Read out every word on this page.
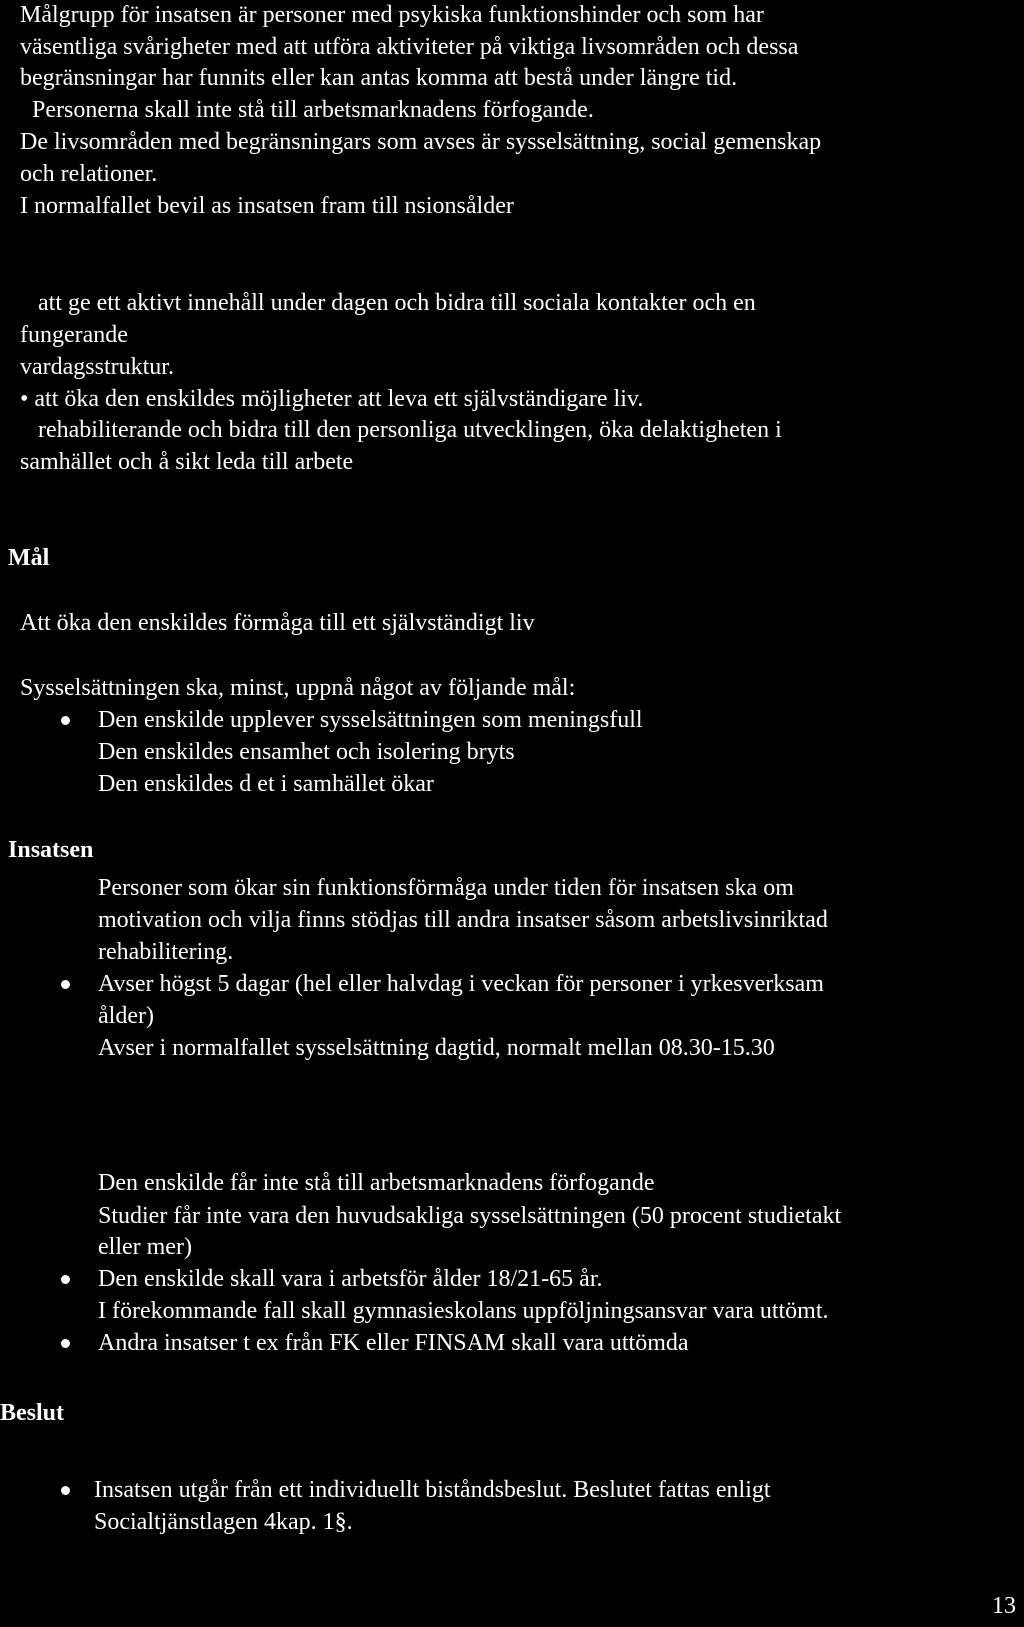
Målgrupp för insatsen är personer med psykiska funktionshinder och som har
väsentliga svårigheter med att utföra aktiviteter på viktiga livsområden och dessa
begränsningar har funnits eller kan antas komma att bestå under längre tid.
Personerna skall inte stå till arbetsmarknadens förfogande.
De livsområden med begränsningars som avses är sysselsättning, social gemenskap
och relationer.
I normalfallet bevil as insatsen fram till nsionsålder
att ge ett aktivt innehåll under dagen och bidra till sociala kontakter och en
fungerande
vardagsstruktur.
• att öka den enskildes möjligheter att leva ett självständigare liv.
rehabiliterande och bidra till den personliga utvecklingen, öka delaktigheten i
samhället och å sikt leda till arbete
Mål
Att öka den enskildes förmåga till ett självständigt liv
Sysselsättningen ska, minst, uppnå något av följande mål:
Den enskilde upplever sysselsättningen som meningsfull
Den enskildes ensamhet och isolering bryts
Den enskildes d et i samhället ökar
Insatsen
Personer som ökar sin funktionsförmåga under tiden för insatsen ska om
motivation och vilja finns stödjas till andra insatser såsom arbetslivsinriktad
rehabilitering.
Avser högst 5 dagar (hel eller halvdag i veckan för personer i yrkesverksam
ålder)
Avser i normalfallet sysselsättning dagtid, normalt mellan 08.30-15.30
Den enskilde får inte stå till arbetsmarknadens förfogande
Studier får inte vara den huvudsakliga sysselsättningen (50 procent studietakt
eller mer)
Den enskilde skall vara i arbetsför ålder 18/21-65 år.
I förekommande fall skall gymnasieskolans uppföljningsansvar vara uttömt.
Andra insatser t ex från FK eller FINSAM skall vara uttömda
Beslut
Insatsen utgår från ett individuellt biståndsbeslut. Beslutet fattas enligt
Socialtjänstlagen 4kap. 1§.
13
